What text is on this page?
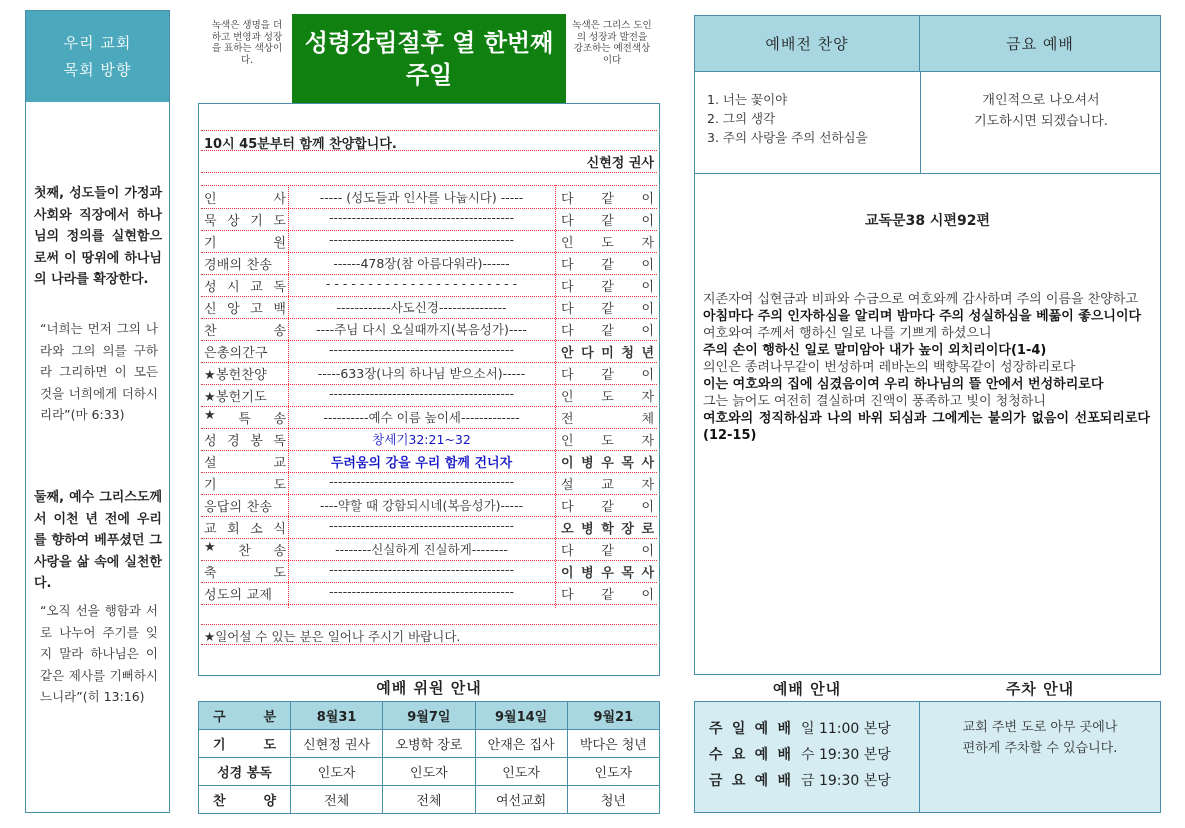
우리 교회
목회 방향
첫째, 성도들이 가정과 사회와 직장에서 하나님의 정의를 실현함으로써 이 땅위에 하나님의 나라를 확장한다.
“너희는 먼저 그의 나라와 그의 의를 구하라 그리하면 이 모든 것을 너희에게 더하시리라”(마 6:33)
둘째, 예수 그리스도께서 이천 년 전에 우리를 향하여 베푸셨던 그 사랑을 삶 속에 실천한다.
“오직 선을 행함과 서로 나누어 주기를 잊지 말라 하나님은 이 같은 제사를 기뻐하시느니라”(히 13:16)
녹색은 생명을 더하고 번영과 성장을 표하는 색상이다.
성령강림절후 열 한번째 주일
녹색은 그리스 도인의 성장과 발전을 강조하는 예전색상이다
10시 45분부터 함께 찬양합니다.
신현정 권사
인	사	----- (성도들과 인사를 나눕시다) -----	다 같 이
묵 상 기 도	-----------------------------------------	다 같 이
기	원	-----------------------------------------	인 도 자
경배의 찬송	------478장(참 아름다워라)------	다 같 이
성 시 교 독	- - - - - - - - - - - - - - - - - - - - - - -	다 같 이
신 앙 고 백	------------사도신경---------------	다 같 이
찬	송	----주님 다시 오실때까지(복음성가)----	다 같 이
은총의간구	-----------------------------------------	안 다 미 청 년
★봉헌찬양	-----633장(나의 하나님 받으소서)-----	다 같 이
★봉헌기도	-----------------------------------------	인 도 자
★ 특 송	----------예수 이름 높이세-------------	전	체
성 경 봉 독	창세기32:21~32	인 도 자
설	교	두려움의 강을 우리 함께 건너자	이 병 우 목 사
기	도	-----------------------------------------	설 교 자
응답의 찬송	----약할 때 강함되시네(복음성가)-----	다 같 이
교 회 소 식	-----------------------------------------	오 병 학 장 로
★ 찬 송	--------신실하게 진실하게--------	다 같 이
축	도	-----------------------------------------	이 병 우 목 사
성도의 교제	-----------------------------------------	다 같 이
★일어설 수 있는 분은 일어나 주시기 바랍니다.
예배 위원 안내
구 분	8월31	9월7일	9월14일	9월21

기 도	신현정 권사	오병학 장로	안재은 집사	박다은 청년
성경 봉독	인도자	인도자	인도자	인도자

찬 양	전체	전체	여선교회	청년
예배전 찬양	금요 예배
1. 너는 꽃이야
2. 그의 생각
3. 주의 사랑을 주의 선하심을
개인적으로 나오셔서
기도하시면 되겠습니다.
교독문38 시편92편

지존자여 십현금과 비파와 수금으로 여호와께 감사하며 주의 이름을 찬양하고

아침마다 주의 인자하심을 알리며 밤마다 주의 성실하심을 베풂이 좋으니이다

여호와여 주께서 행하신 일로 나를 기쁘게 하셨으니

주의 손이 행하신 일로 말미암아 내가 높이 외치리이다(1-4)

의인은 종려나무같이 번성하며 레바논의 백향목같이 성장하리로다

이는 여호와의 집에 심겼음이여 우리 하나님의 뜰 안에서 번성하리로다

그는 늙어도 여전히 결실하며 진액이 풍족하고 빛이 청청하니

여호와의 정직하심과 나의 바위 되심과 그에게는 불의가 없음이 선포되리로다 (12-15)

예배 안내	주차 안내
주 일 예 배 일 11:00 본당
수 요 예 배 수 19:30 본당
금 요 예 배 금 19:30 본당
교회 주변 도로 아무 곳에나
편하게 주차할 수 있습니다.
